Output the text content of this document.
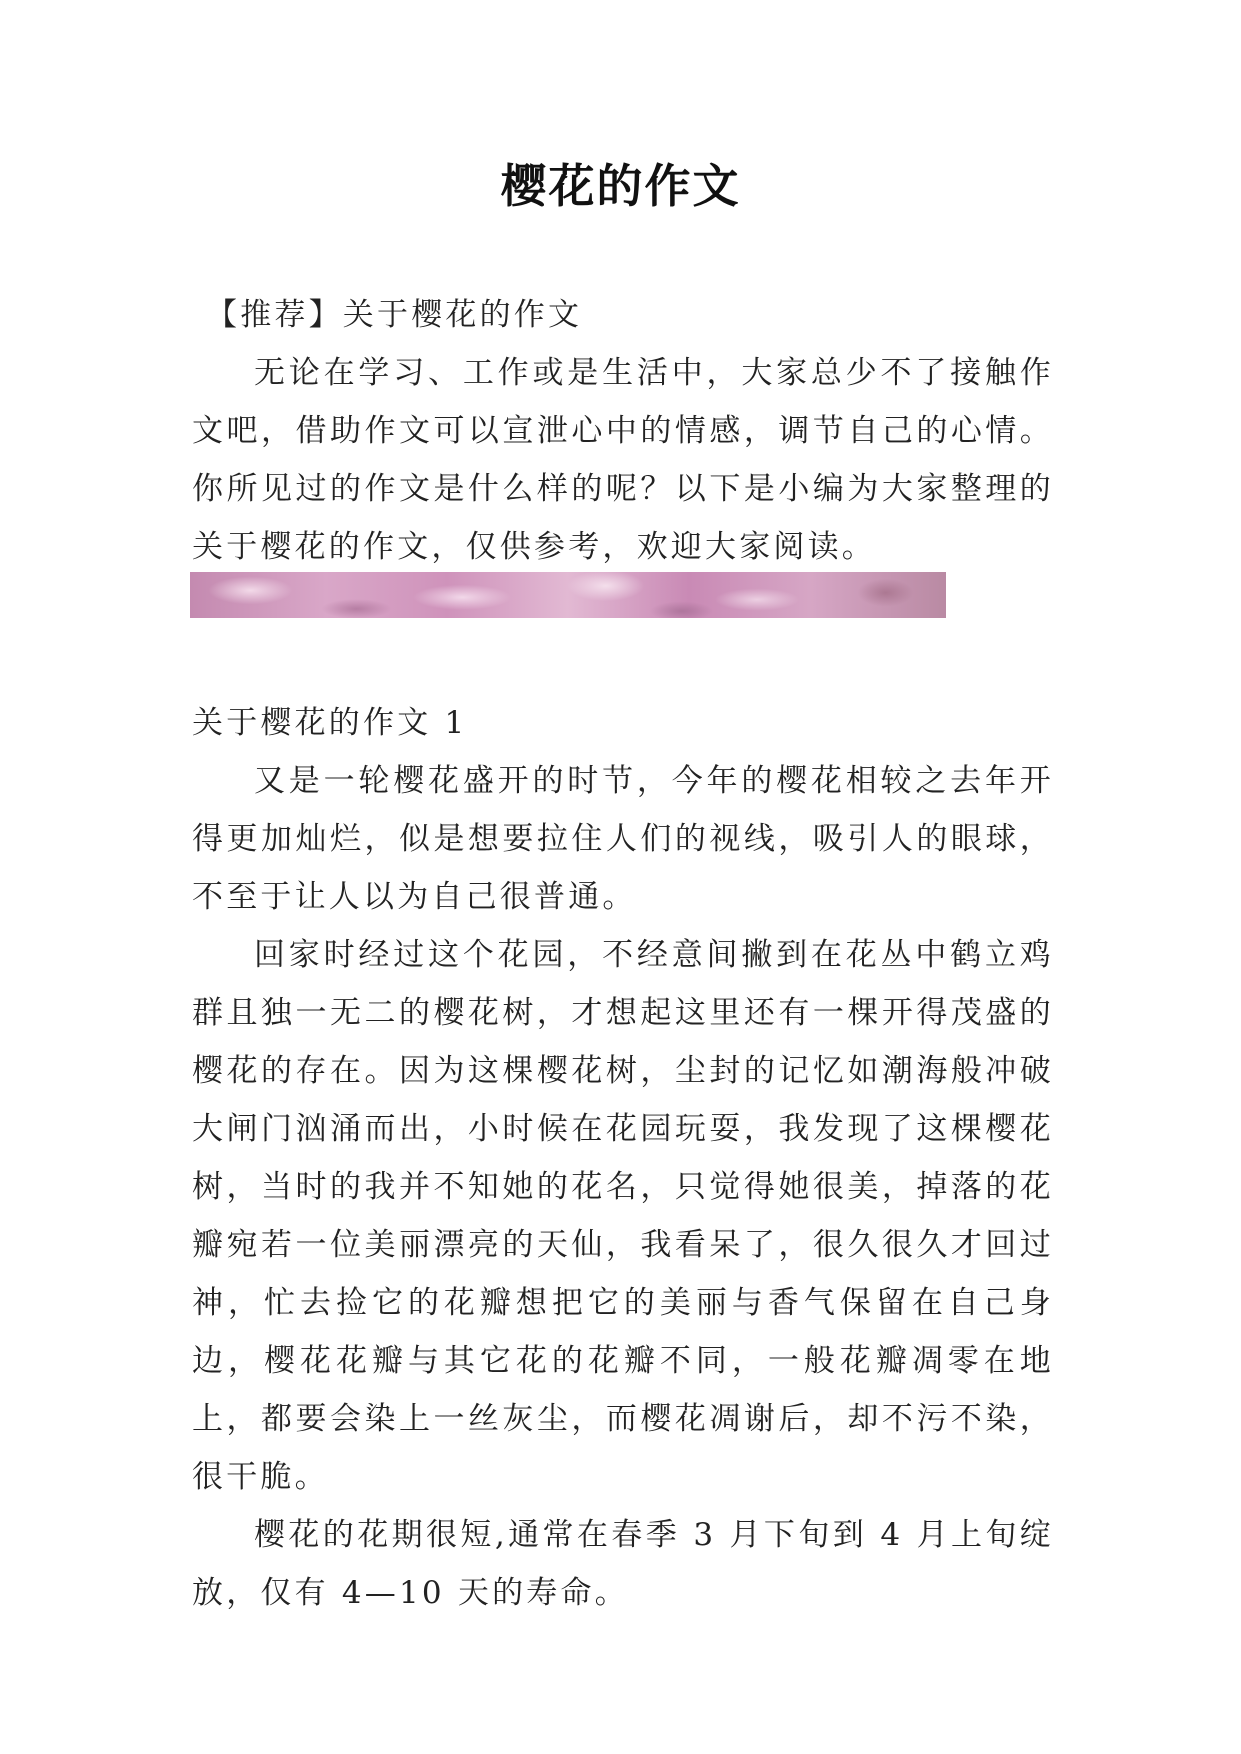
樱花的作文

【推荐】关于樱花的作文

无论在学习、工作或是生活中，大家总少不了接触作文吧，借助作文可以宣泄心中的情感，调节自己的心情。你所见过的作文是什么样的呢？以下是小编为大家整理的关于樱花的作文，仅供参考，欢迎大家阅读。

关于樱花的作文 1

又是一轮樱花盛开的时节，今年的樱花相较之去年开得更加灿烂，似是想要拉住人们的视线，吸引人的眼球，不至于让人以为自己很普通。

回家时经过这个花园，不经意间撇到在花丛中鹤立鸡群且独一无二的樱花树，才想起这里还有一棵开得茂盛的樱花的存在。因为这棵樱花树，尘封的记忆如潮海般冲破大闸门汹涌而出，小时候在花园玩耍，我发现了这棵樱花树，当时的我并不知她的花名，只觉得她很美，掉落的花瓣宛若一位美丽漂亮的天仙，我看呆了，很久很久才回过神，忙去捡它的花瓣想把它的美丽与香气保留在自己身边，樱花花瓣与其它花的花瓣不同，一般花瓣凋零在地上，都要会染上一丝灰尘，而樱花凋谢后，却不污不染，很干脆。

樱花的花期很短,通常在春季 3 月下旬到 4 月上旬绽放，仅有 4—10 天的寿命。
